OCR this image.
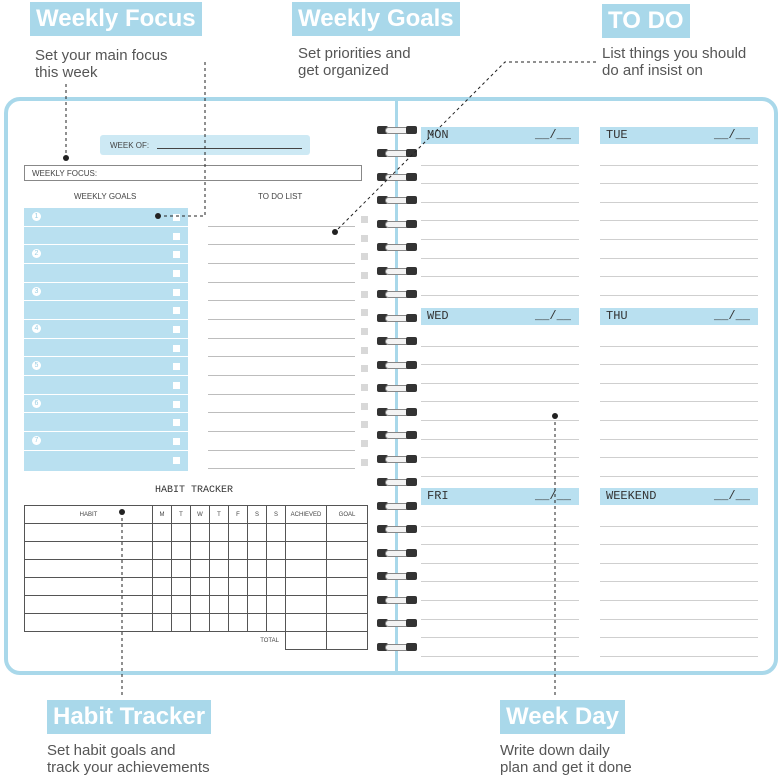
Weekly Focus
Set your main focus
this week
Weekly Goals
Set priorities and
get organized
TO DO
List things you should
do anf insist on
Habit Tracker
Set habit goals and
track your achievements
Week Day
Write down daily
plan and get it done
WEEK OF:
WEEKLY FOCUS:
WEEKLY GOALS	TO DO LIST
1
2
3
4
5
6
7
HABIT TRACKER
HABIT	M	T	W	T	F	S	S	ACHIEVED	GOAL

TOTAL									
MON	__/__	TUE	__/__
WED	__/__	THU	__/__
FRI	__/__	WEEKEND	__/__
